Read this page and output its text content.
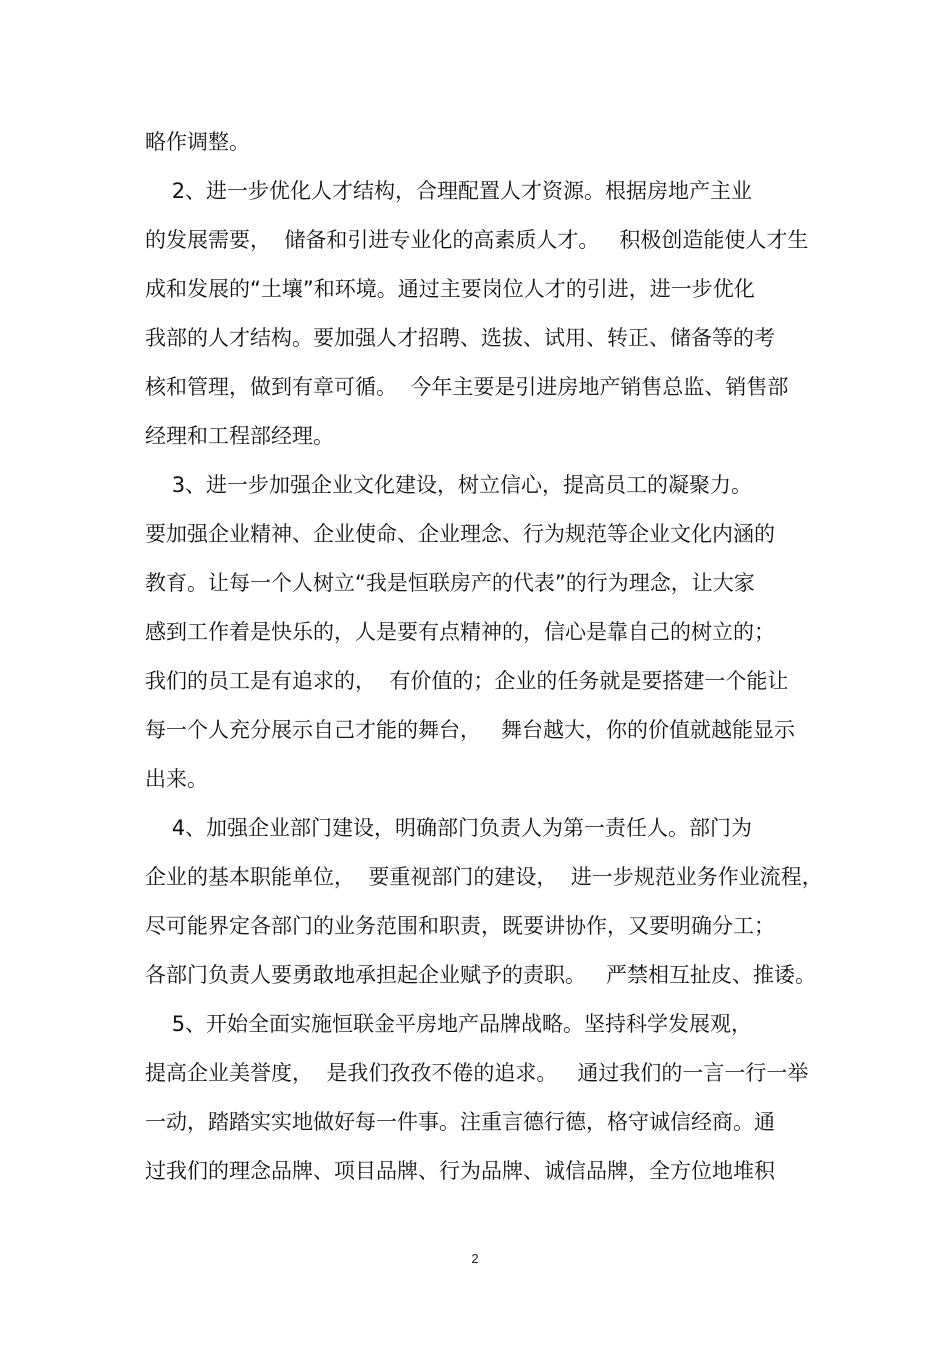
略作调整。
2、进一步优化人才结构，合理配置人才资源。根据房地产主业
的发展需要，  储备和引进专业化的高素质人才。   积极创造能使人才生
成和发展的“土壤”和环境。通过主要岗位人才的引进，进一步优化
我部的人才结构。要加强人才招聘、选拔、试用、转正、储备等的考
核和管理，做到有章可循。  今年主要是引进房地产销售总监、销售部
经理和工程部经理。
3、进一步加强企业文化建设，树立信心，提高员工的凝聚力。
要加强企业精神、企业使命、企业理念、行为规范等企业文化内涵的
教育。让每一个人树立“我是恒联房产的代表”的行为理念，让大家
感到工作着是快乐的，人是要有点精神的，信心是靠自己的树立的；
我们的员工是有追求的，  有价值的；企业的任务就是要搭建一个能让
每一个人充分展示自己才能的舞台，   舞台越大，你的价值就越能显示
出来。
4、加强企业部门建设，明确部门负责人为第一责任人。部门为
企业的基本职能单位，  要重视部门的建设，  进一步规范业务作业流程，
尽可能界定各部门的业务范围和职责，既要讲协作，又要明确分工；
各部门负责人要勇敢地承担起企业赋予的责职。   严禁相互扯皮、推诿。
5、开始全面实施恒联金平房地产品牌战略。坚持科学发展观，
提高企业美誉度，  是我们孜孜不倦的追求。   通过我们的一言一行一举
一动，踏踏实实地做好每一件事。注重言德行德，格守诚信经商。通
过我们的理念品牌、项目品牌、行为品牌、诚信品牌，全方位地堆积
2
